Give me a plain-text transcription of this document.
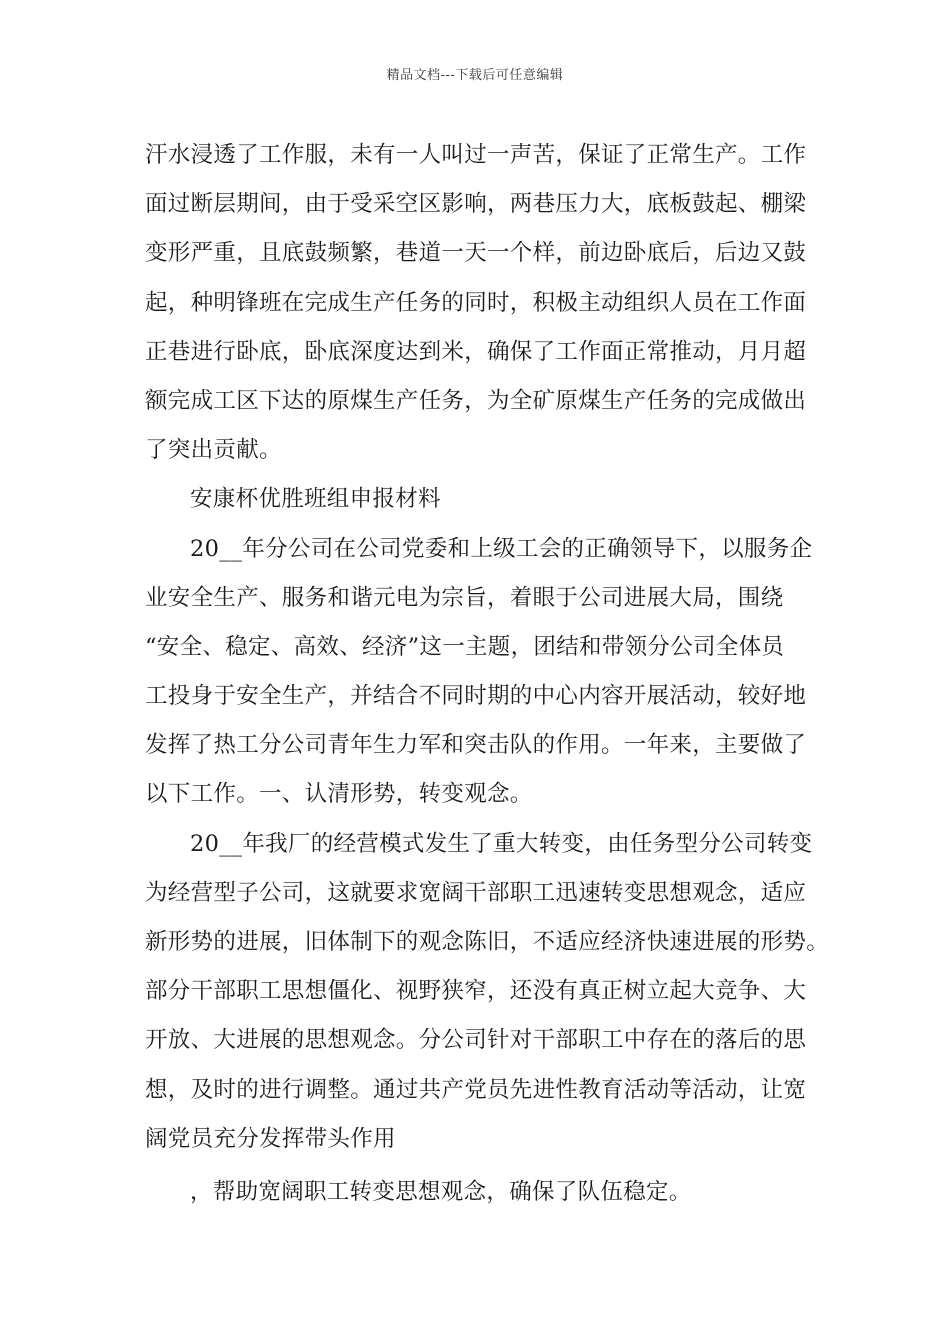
精品文档---下载后可任意编辑
汗水浸透了工作服，未有一人叫过一声苦，保证了正常生产。工作
面过断层期间，由于受采空区影响，两巷压力大，底板鼓起、棚梁
变形严重，且底鼓频繁，巷道一天一个样，前边卧底后，后边又鼓
起，种明锋班在完成生产任务的同时，积极主动组织人员在工作面
正巷进行卧底，卧底深度达到米，确保了工作面正常推动，月月超
额完成工区下达的原煤生产任务，为全矿原煤生产任务的完成做出
了突出贡献。
安康杯优胜班组申报材料
20__年分公司在公司党委和上级工会的正确领导下，以服务企
业安全生产、服务和谐元电为宗旨，着眼于公司进展大局，围绕
“安全、稳定、高效、经济”这一主题，团结和带领分公司全体员
工投身于安全生产，并结合不同时期的中心内容开展活动，较好地
发挥了热工分公司青年生力军和突击队的作用。一年来，主要做了
以下工作。一、认清形势，转变观念。
20__年我厂的经营模式发生了重大转变，由任务型分公司转变
为经营型子公司，这就要求宽阔干部职工迅速转变思想观念，适应
新形势的进展，旧体制下的观念陈旧，不适应经济快速进展的形势。
部分干部职工思想僵化、视野狭窄，还没有真正树立起大竞争、大
开放、大进展的思想观念。分公司针对干部职工中存在的落后的思
想，及时的进行调整。通过共产党员先进性教育活动等活动，让宽
阔党员充分发挥带头作用
，帮助宽阔职工转变思想观念，确保了队伍稳定。
